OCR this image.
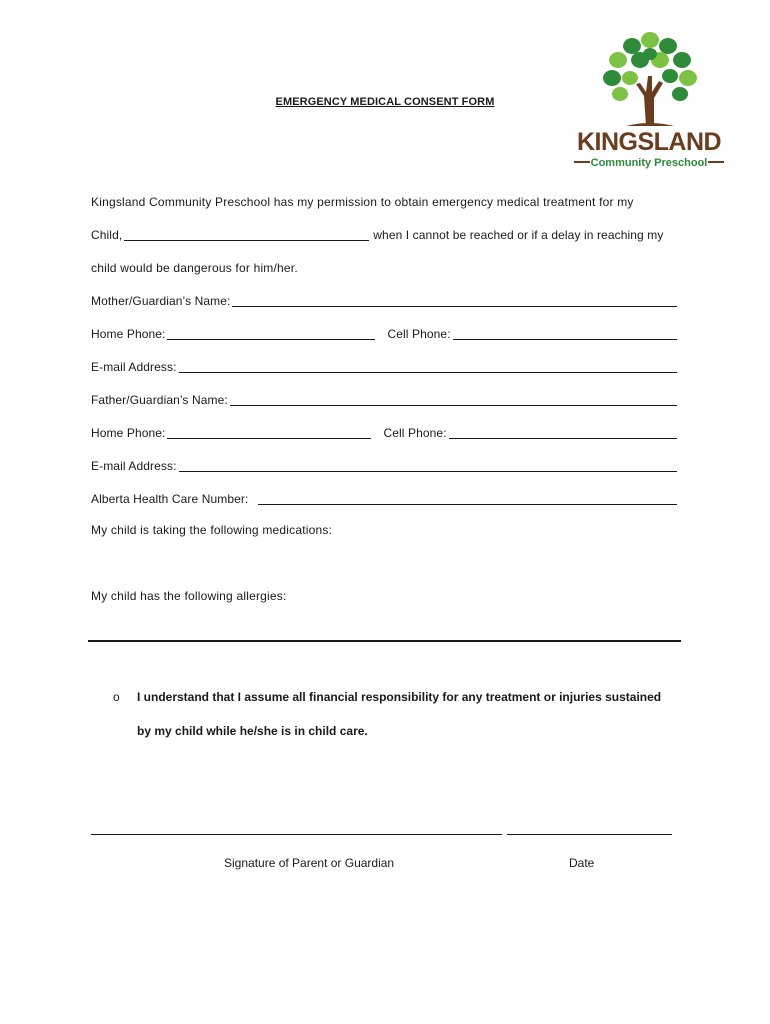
KINGSLAND
Community Preschool
EMERGENCY MEDICAL CONSENT FORM
Kingsland Community Preschool has my permission to obtain emergency medical treatment for my
Child,	when I cannot be reached or if a delay in reaching my
child would be dangerous for him/her.
Mother/Guardian’s Name:
Home Phone:	Cell Phone:
E-mail Address:
Father/Guardian’s Name:
Home Phone:	Cell Phone:
E-mail Address:
Alberta Health Care Number:
My child is taking the following medications:
My child has the following allergies:
o I understand that I assume all financial responsibility for any treatment or injuries sustained
by my child while he/she is in child care.
Signature of Parent or Guardian	Date
